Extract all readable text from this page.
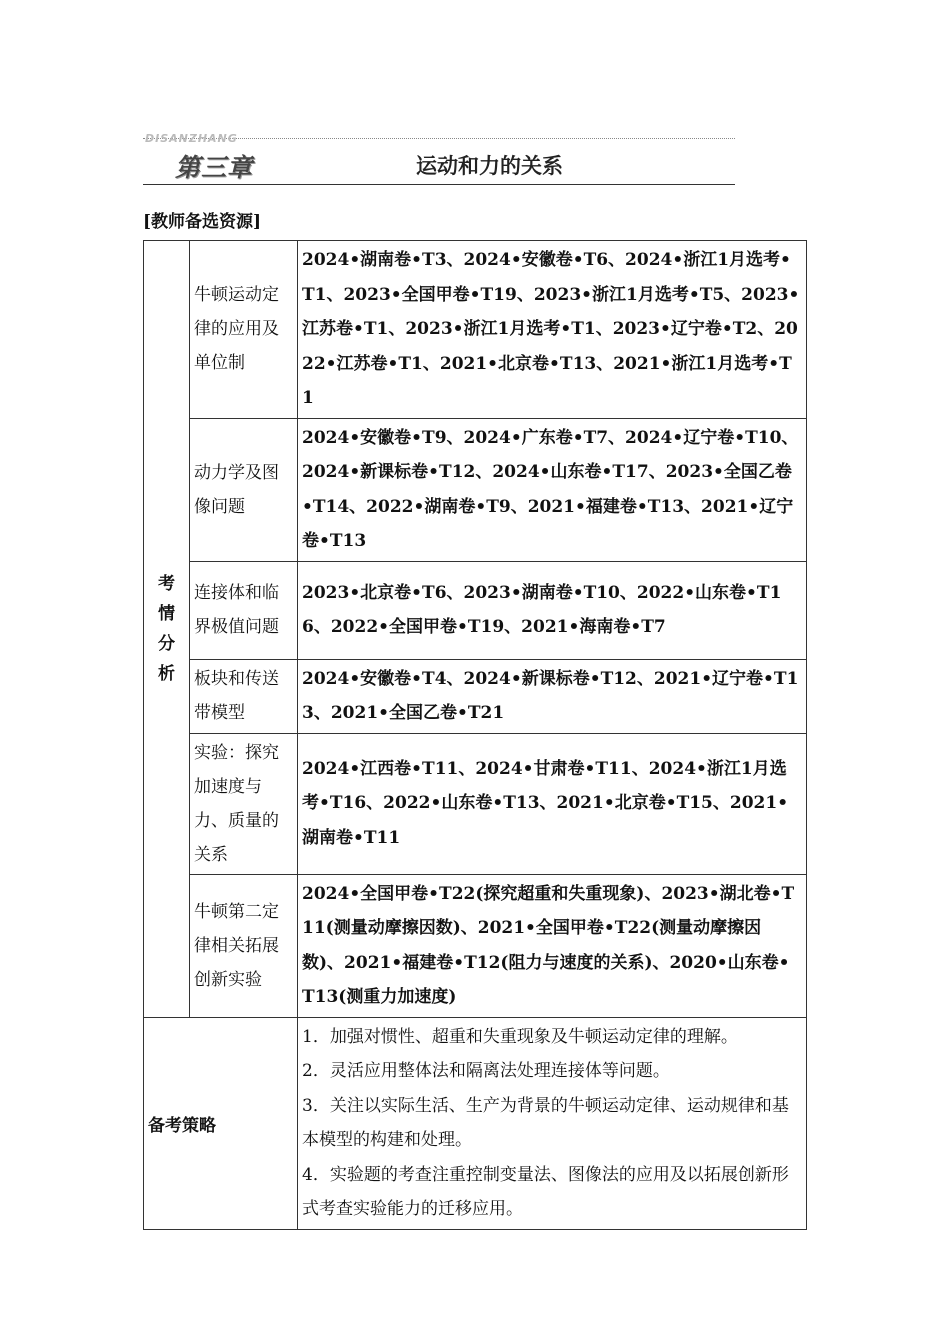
DISANZHANG
第三章	运动和力的关系
[教师备选资源]
考情分析	牛顿运动定律的应用及单位制	2024•湖南卷•T3、2024•安徽卷•T6、2024•浙江1月选考•T1、2023•全国甲卷•T19、2023•浙江1月选考•T5、2023•江苏卷•T1、2023•浙江1月选考•T1、2023•辽宁卷•T2、2022•江苏卷•T1、2021•北京卷•T13、2021•浙江1月选考•T1

	动力学及图像问题	2024•安徽卷•T9、2024•广东卷•T7、2024•辽宁卷•T10、2024•新课标卷•T12、2024•山东卷•T17、2023•全国乙卷•T14、2022•湖南卷•T9、2021•福建卷•T13、2021•辽宁卷•T13

	连接体和临界极值问题	2023•北京卷•T6、2023•湖南卷•T10、2022•山东卷•T16、2022•全国甲卷•T19、2021•海南卷•T7

	板块和传送带模型	2024•安徽卷•T4、2024•新课标卷•T12、2021•辽宁卷•T13、2021•全国乙卷•T21

	实验：探究加速度与力、质量的关系	2024•江西卷•T11、2024•甘肃卷•T11、2024•浙江1月选考•T16、2022•山东卷•T13、2021•北京卷•T15、2021•湖南卷•T11

	牛顿第二定律相关拓展创新实验	2024•全国甲卷•T22(探究超重和失重现象)、2023•湖北卷•T11(测量动摩擦因数)、2021•全国甲卷•T22(测量动摩擦因数)、2021•福建卷•T12(阻力与速度的关系)、2020•山东卷•T13(测重力加速度)
备考策略		1．加强对惯性、超重和失重现象及牛顿运动定律的理解。
2．灵活应用整体法和隔离法处理连接体等问题。
3．关注以实际生活、生产为背景的牛顿运动定律、运动规律和基本模型的构建和处理。
4．实验题的考查注重控制变量法、图像法的应用及以拓展创新形式考查实验能力的迁移应用。
